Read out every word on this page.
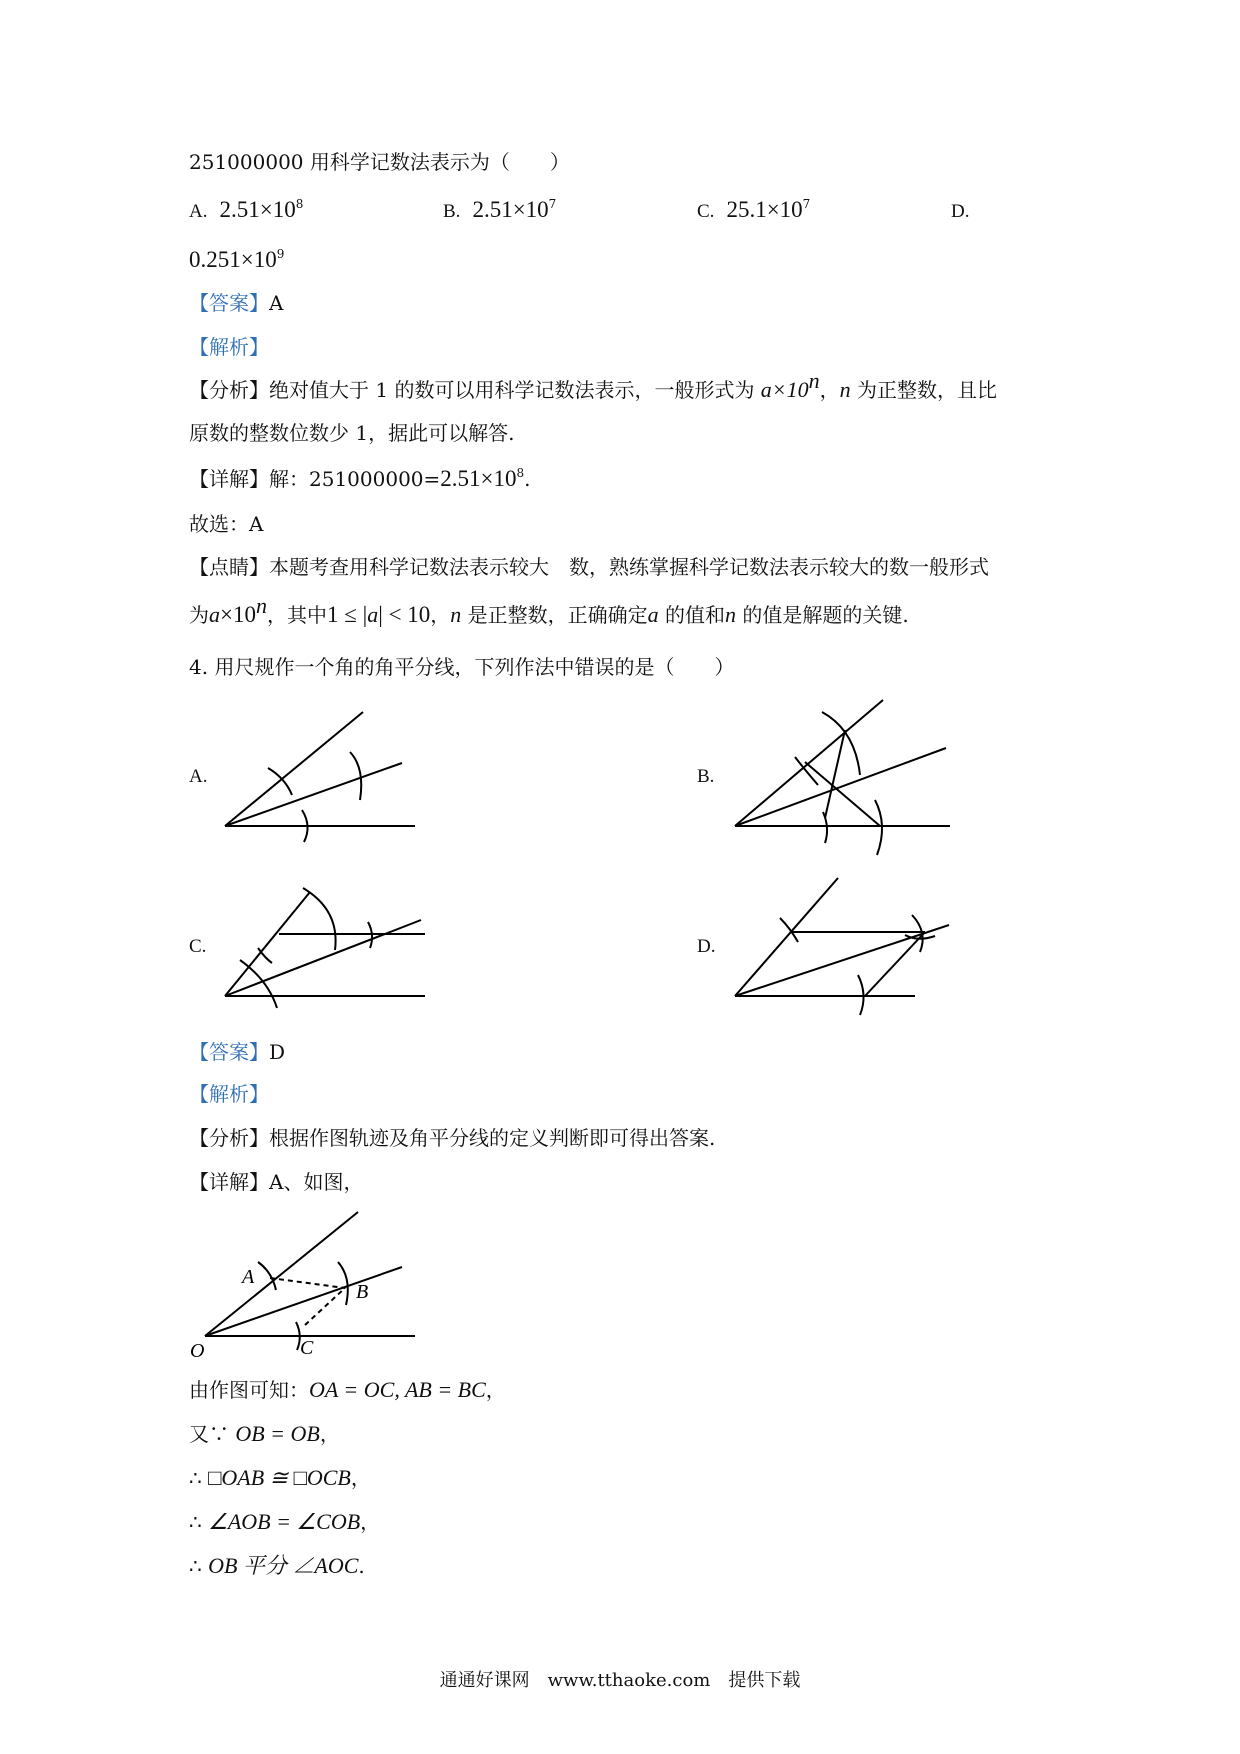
251000000 用科学记数法表示为（　　）
A. $2.51\times 10^8$	B. $2.51\times 10^7$	C. $25.1\times 10^7$	D.
$0.251\times 10^9$
【答案】A
【解析】
【分析】绝对值大于 1 的数可以用科学记数法表示，一般形式为 $a\times 10^n$，n 为正整数，且比
原数的整数位数少 1，据此可以解答.
【详解】解：$251000000=2.51\times 10^8$.
故选：A
【点睛】本题考查用科学记数法表示较大　数，熟练掌握科学记数法表示较大的数一般形式
为$a\times 10^n$，其中1 ≤ |a| < 10，n 是正整数，正确确定a 的值和n 的值是解题的关键.
4. 用尺规作一个角的角平分线，下列作法中错误的是（　　）
A.	B.
C.	D.
【答案】D
【解析】
【分析】根据作图轨迹及角平分线的定义判断即可得出答案.
【详解】A、如图，
A
B
O	C
由作图可知：OA = OC, AB = BC，
又∵ OB = OB，
∴ □OAB ≅ □OCB，
∴ ∠AOB = ∠COB，
∴ OB 平分 ∠AOC.
通通好课网　www.tthaoke.com　提供下载
